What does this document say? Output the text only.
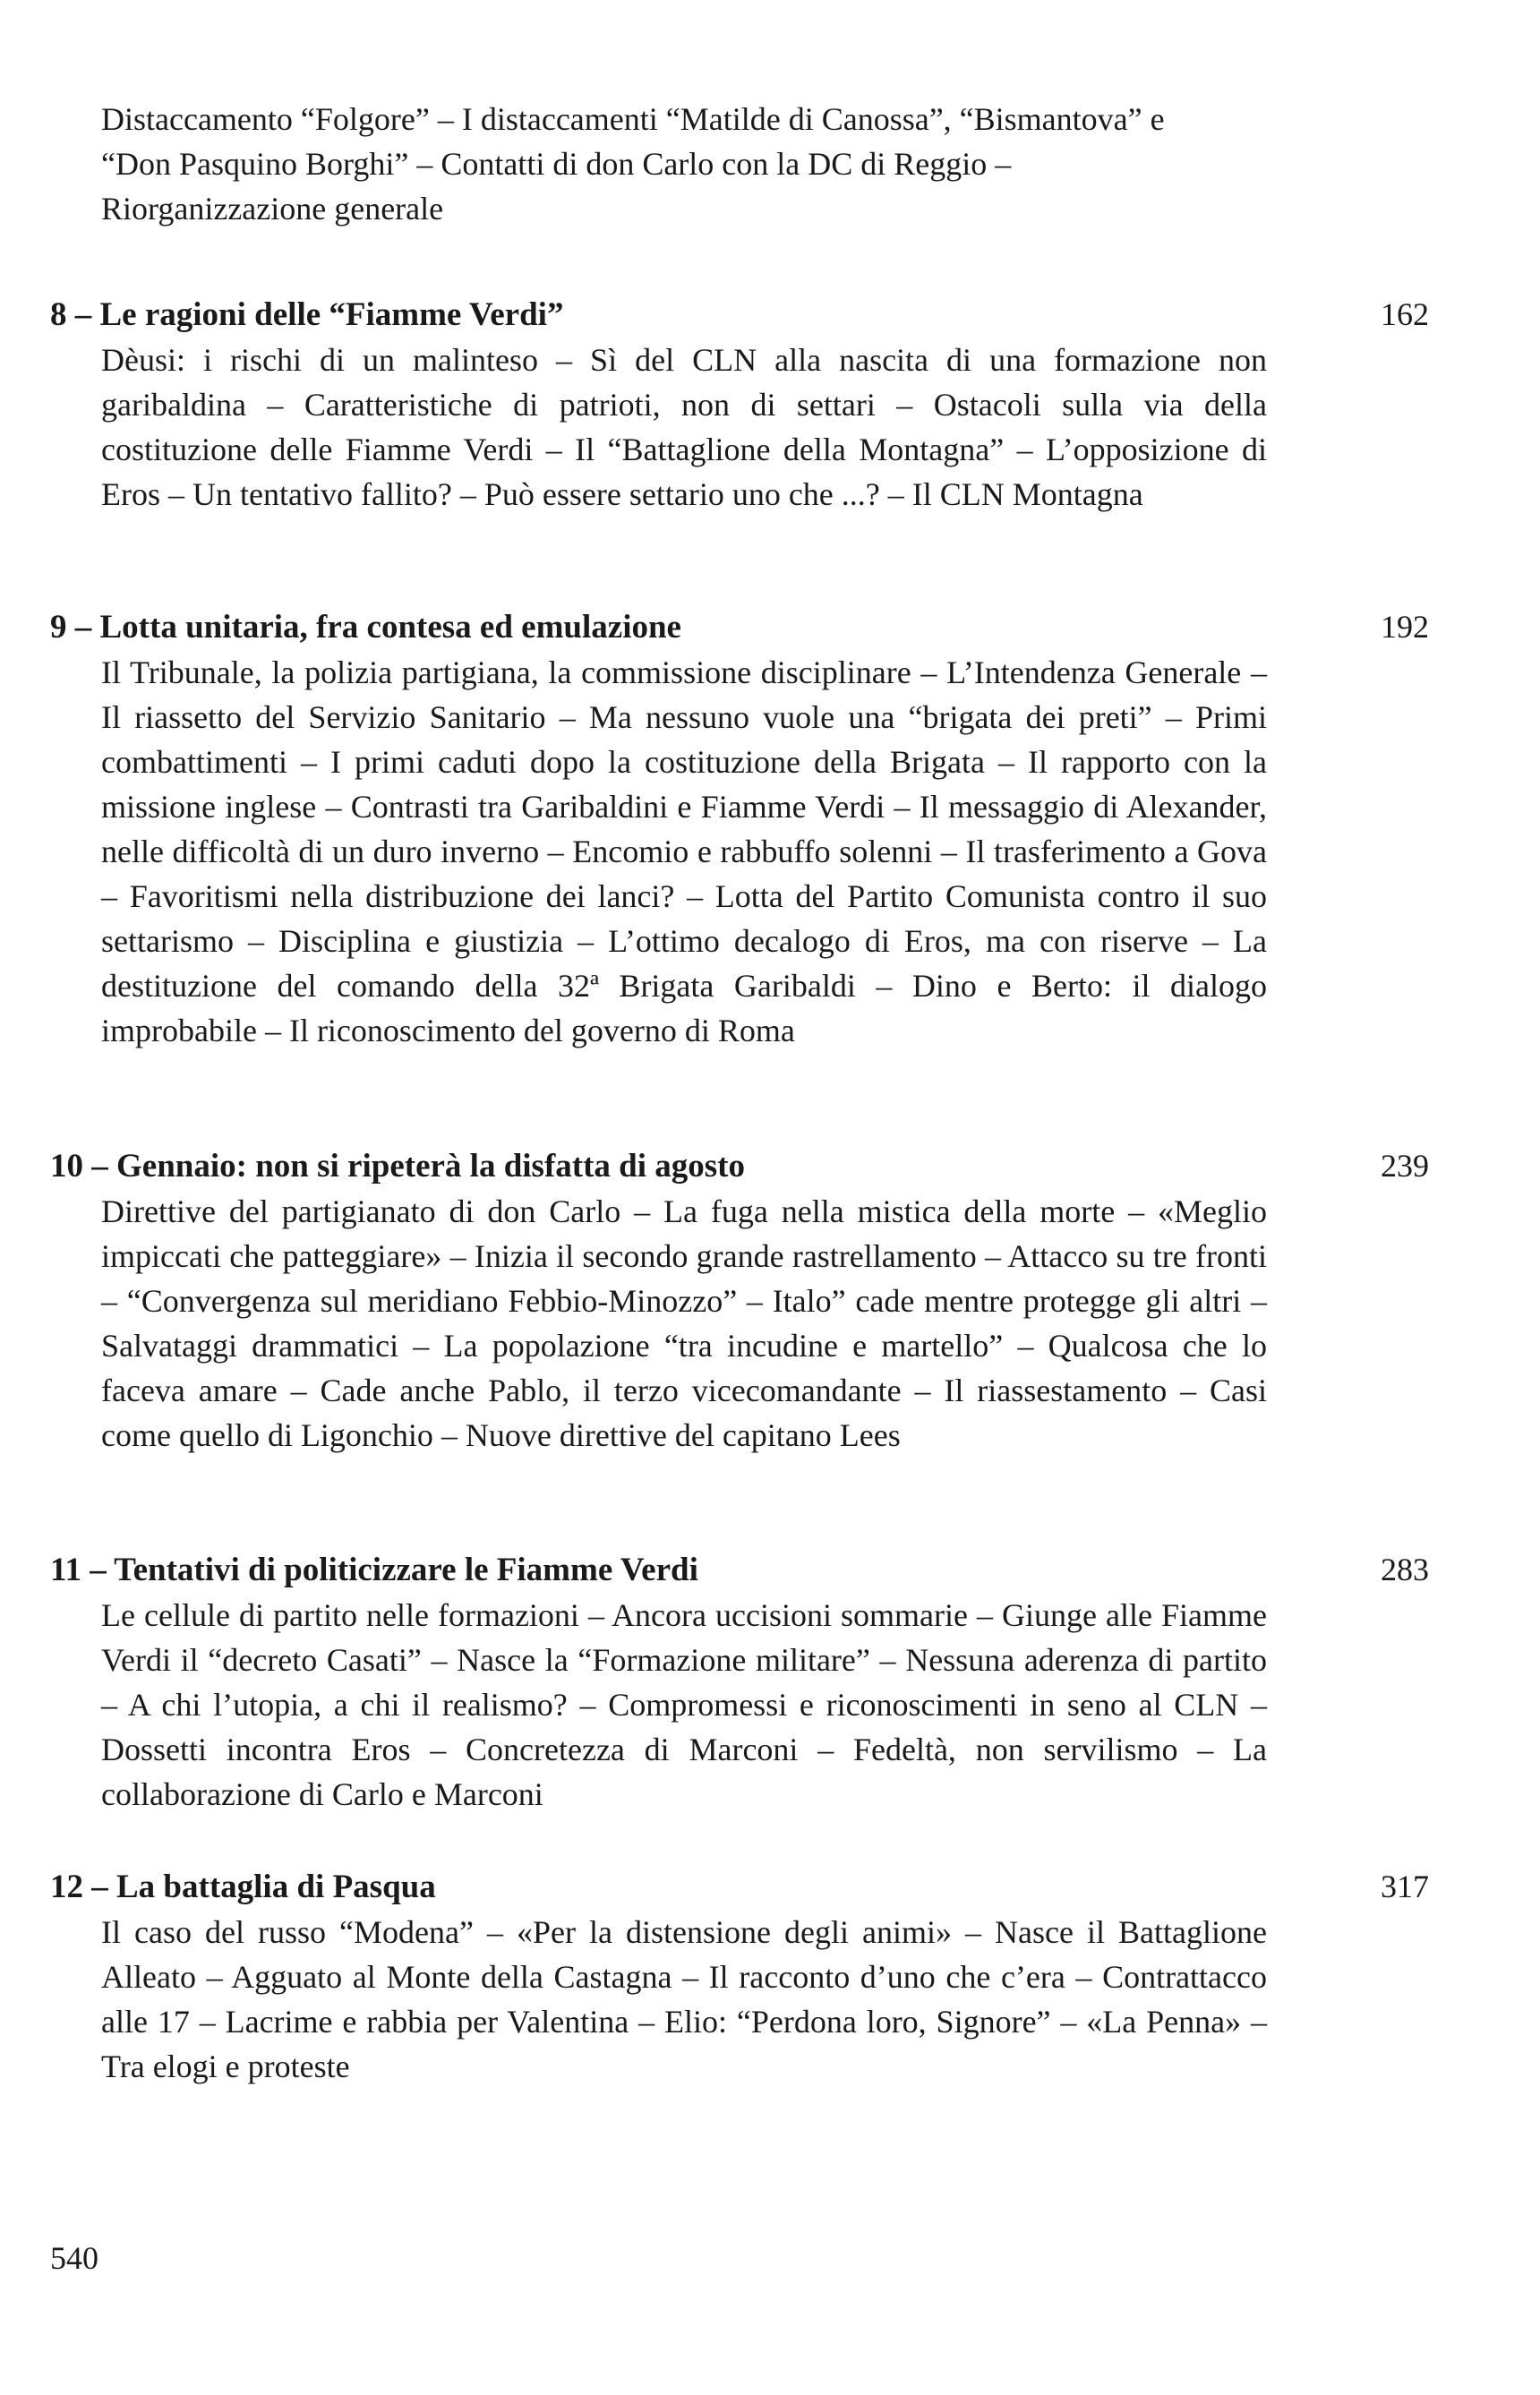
Distaccamento “Folgore” – I distaccamenti “Matilde di Canossa”, “Bismantova” e “Don Pasquino Borghi” – Contatti di don Carlo con la DC di Reggio – Riorganizzazione generale
8 – Le ragioni delle “Fiamme Verdi”	162
Dèusi: i rischi di un malinteso – Sì del CLN alla nascita di una formazione non garibaldina – Caratteristiche di patrioti, non di settari – Ostacoli sulla via della costituzione delle Fiamme Verdi – Il “Battaglione della Montagna” – L’opposizione di Eros – Un tentativo fallito? – Può essere settario uno che ...? – Il CLN Montagna
9 – Lotta unitaria, fra contesa ed emulazione	192
Il Tribunale, la polizia partigiana, la commissione disciplinare – L’Intendenza Generale – Il riassetto del Servizio Sanitario – Ma nessuno vuole una “brigata dei preti” – Primi combattimenti – I primi caduti dopo la costituzione della Brigata – Il rapporto con la missione inglese – Contrasti tra Garibaldini e Fiamme Verdi – Il messaggio di Alexander, nelle difficoltà di un duro inverno – Encomio e rabbuffo solenni – Il trasferimento a Gova – Favoritismi nella distribuzione dei lanci? – Lotta del Partito Comunista contro il suo settarismo – Disciplina e giustizia – L’ottimo decalogo di Eros, ma con riserve – La destituzione del comando della 32ª Brigata Garibaldi – Dino e Berto: il dialogo improbabile – Il riconoscimento del governo di Roma
10 – Gennaio: non si ripeterà la disfatta di agosto	239
Direttive del partigianato di don Carlo – La fuga nella mistica della morte – «Meglio impiccati che patteggiare» – Inizia il secondo grande rastrellamento – Attacco su tre fronti – “Convergenza sul meridiano Febbio-Minozzo” – Italo” cade mentre protegge gli altri – Salvataggi drammatici – La popolazione “tra incudine e martello” – Qualcosa che lo faceva amare – Cade anche Pablo, il terzo vicecomandante – Il riassestamento – Casi come quello di Ligonchio – Nuove direttive del capitano Lees
11 – Tentativi di politicizzare le Fiamme Verdi	283
Le cellule di partito nelle formazioni – Ancora uccisioni sommarie – Giunge alle Fiamme Verdi il “decreto Casati” – Nasce la “Formazione militare” – Nessuna aderenza di partito – A chi l’utopia, a chi il realismo? – Compromessi e riconoscimenti in seno al CLN – Dossetti incontra Eros – Concretezza di Marconi – Fedeltà, non servilismo – La collaborazione di Carlo e Marconi
12 – La battaglia di Pasqua	317
Il caso del russo “Modena” – «Per la distensione degli animi» – Nasce il Battaglione Alleato – Agguato al Monte della Castagna – Il racconto d’uno che c’era – Contrattacco alle 17 – Lacrime e rabbia per Valentina – Elio: “Perdona loro, Signore” – «La Penna» – Tra elogi e proteste
540
